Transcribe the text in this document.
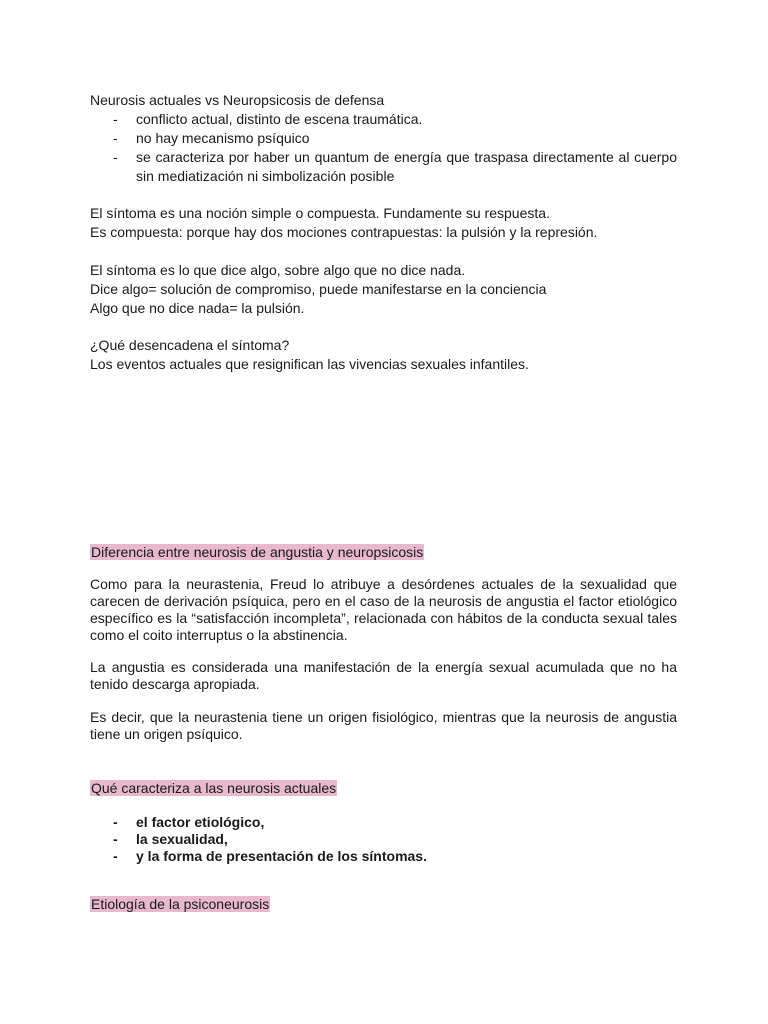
Neurosis actuales vs Neuropsicosis de defensa
- conflicto actual, distinto de escena traumática.
- no hay mecanismo psíquico
- se caracteriza por haber un quantum de energía que traspasa directamente al cuerpo sin mediatización ni simbolización posible
El síntoma es una noción simple o compuesta. Fundamente su respuesta.
Es compuesta: porque hay dos mociones contrapuestas: la pulsión y la represión.
El síntoma es lo que dice algo, sobre algo que no dice nada.
Dice algo= solución de compromiso, puede manifestarse en la conciencia
Algo que no dice nada= la pulsión.
¿Qué desencadena el síntoma?
Los eventos actuales que resignifican las vivencias sexuales infantiles.
Diferencia entre neurosis de angustia y neuropsicosis

Como para la neurastenia, Freud lo atribuye a desórdenes actuales de la sexualidad que carecen de derivación psíquica, pero en el caso de la neurosis de angustia el factor etiológico específico es la “satisfacción incompleta”, relacionada con hábitos de la conducta sexual tales como el coito interruptus o la abstinencia.

La angustia es considerada una manifestación de la energía sexual acumulada que no ha tenido descarga apropiada.

Es decir, que la neurastenia tiene un origen fisiológico, mientras que la neurosis de angustia tiene un origen psíquico.

Qué caracteriza a las neurosis actuales
- el factor etiológico,
- la sexualidad,
- y la forma de presentación de los síntomas.
Etiología de la psiconeurosis
